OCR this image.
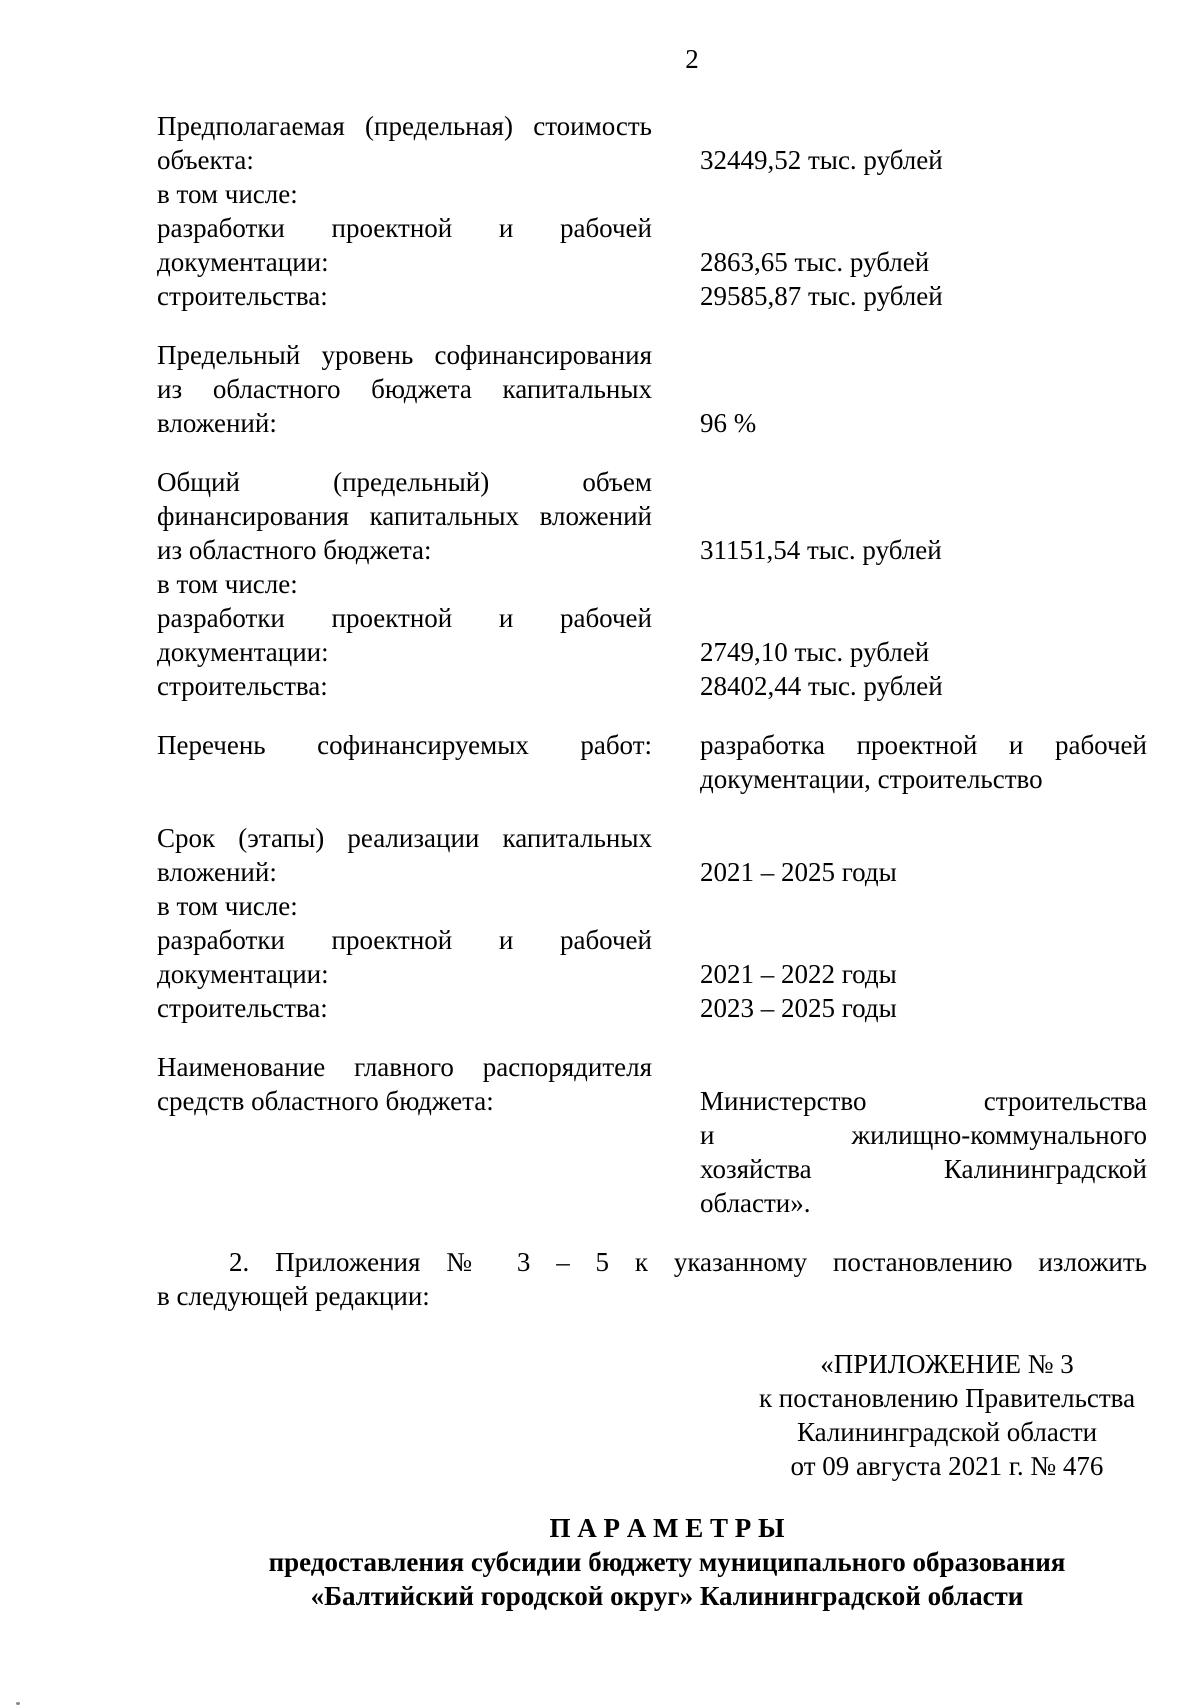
2
Предполагаемая (предельная) стоимость
объекта:	32449,52 тыс. рублей
в том числе:
разработки проектной и рабочей
документации:	2863,65 тыс. рублей
строительства:	29585,87 тыс. рублей
Предельный уровень софинансирования
из областного бюджета капитальных
вложений:	96 %
Общий (предельный) объем
финансирования капитальных вложений
из областного бюджета:	31151,54 тыс. рублей
в том числе:
разработки проектной и рабочей
документации:	2749,10 тыс. рублей
строительства:	28402,44 тыс. рублей
Перечень софинансируемых работ: разработка проектной и рабочей
документации, строительство
Срок (этапы) реализации капитальных
вложений:	2021 – 2025 годы
в том числе:
разработки проектной и рабочей
документации:	2021 – 2022 годы
строительства:	2023 – 2025 годы
Наименование главного распорядителя
средств областного бюджета:	Министерство строительства
и жилищно-коммунального
хозяйства Калининградской
области».
2. Приложения № 3 – 5 к указанному постановлению изложить
в следующей редакции:
«ПРИЛОЖЕНИЕ № 3
к постановлению Правительства
Калининградской области
от 09 августа 2021 г. № 476
П А Р А М Е Т Р Ы
предоставления субсидии бюджету муниципального образования
«Балтийский городской округ» Калининградской области
